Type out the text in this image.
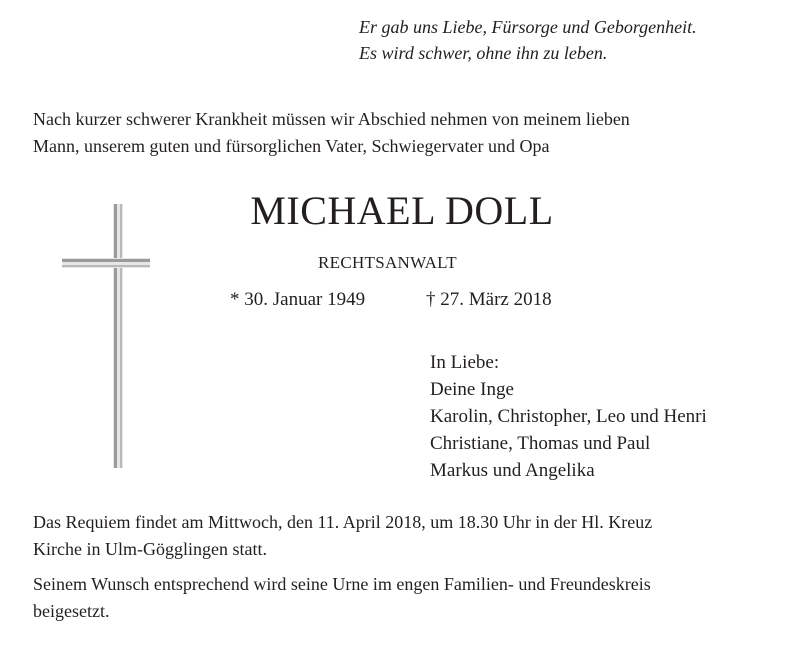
Er gab uns Liebe, Fürsorge und Geborgenheit.
Es wird schwer, ohne ihn zu leben.
Nach kurzer schwerer Krankheit müssen wir Abschied nehmen von meinem lieben
Mann, unserem guten und fürsorglichen Vater, Schwiegervater und Opa
MICHAEL DOLL
RECHTSANWALT
* 30. Januar 1949	† 27. März 2018
In Liebe:
Deine Inge
Karolin, Christopher, Leo und Henri
Christiane, Thomas und Paul
Markus und Angelika
Das Requiem findet am Mittwoch, den 11. April 2018, um 18.30 Uhr in der Hl. Kreuz
Kirche in Ulm-Gögglingen statt.
Seinem Wunsch entsprechend wird seine Urne im engen Familien- und Freundeskreis
beigesetzt.
